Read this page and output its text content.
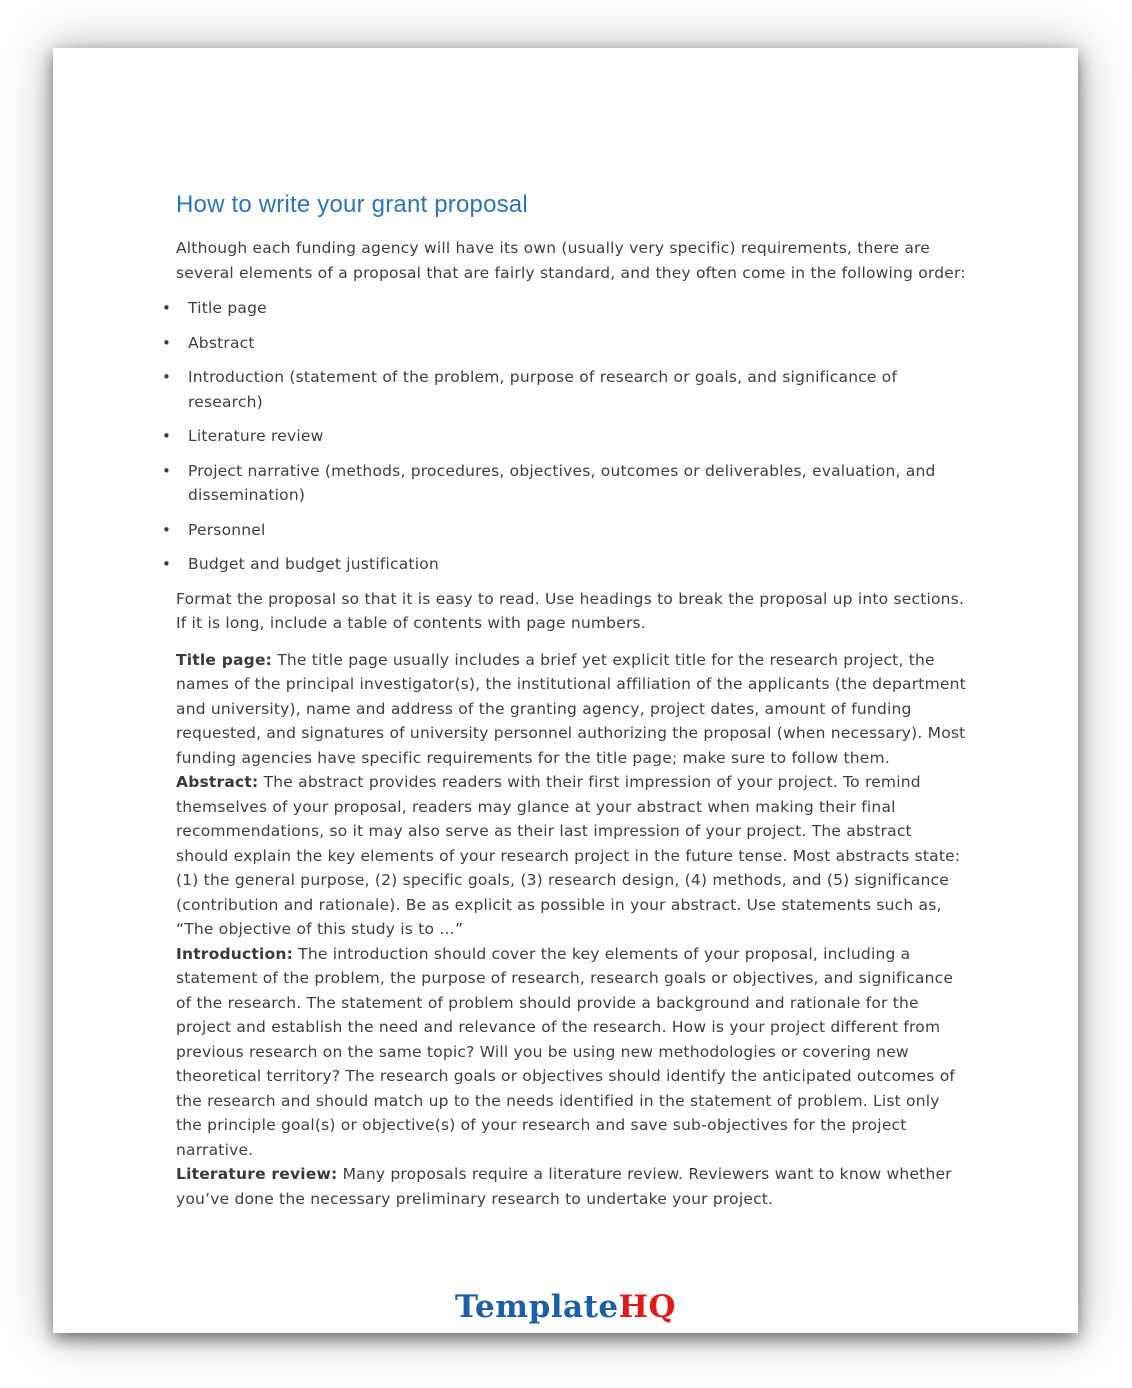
How to write your grant proposal

Although each funding agency will have its own (usually very specific) requirements, there are several elements of a proposal that are fairly standard, and they often come in the following order:

• Title page
• Abstract
• Introduction (statement of the problem, purpose of research or goals, and significance of research)
• Literature review
• Project narrative (methods, procedures, objectives, outcomes or deliverables, evaluation, and dissemination)
• Personnel
• Budget and budget justification

Format the proposal so that it is easy to read. Use headings to break the proposal up into sections. If it is long, include a table of contents with page numbers.

Title page: The title page usually includes a brief yet explicit title for the research project, the names of the principal investigator(s), the institutional affiliation of the applicants (the department and university), name and address of the granting agency, project dates, amount of funding requested, and signatures of university personnel authorizing the proposal (when necessary). Most funding agencies have specific requirements for the title page; make sure to follow them.

Abstract: The abstract provides readers with their first impression of your project. To remind themselves of your proposal, readers may glance at your abstract when making their final recommendations, so it may also serve as their last impression of your project. The abstract should explain the key elements of your research project in the future tense. Most abstracts state: (1) the general purpose, (2) specific goals, (3) research design, (4) methods, and (5) significance (contribution and rationale). Be as explicit as possible in your abstract. Use statements such as, “The objective of this study is to …”

Introduction: The introduction should cover the key elements of your proposal, including a statement of the problem, the purpose of research, research goals or objectives, and significance of the research. The statement of problem should provide a background and rationale for the project and establish the need and relevance of the research. How is your project different from previous research on the same topic? Will you be using new methodologies or covering new theoretical territory? The research goals or objectives should identify the anticipated outcomes of the research and should match up to the needs identified in the statement of problem. List only the principle goal(s) or objective(s) of your research and save sub-objectives for the project narrative.

Literature review: Many proposals require a literature review. Reviewers want to know whether you’ve done the necessary preliminary research to undertake your project.

TemplateHQ
